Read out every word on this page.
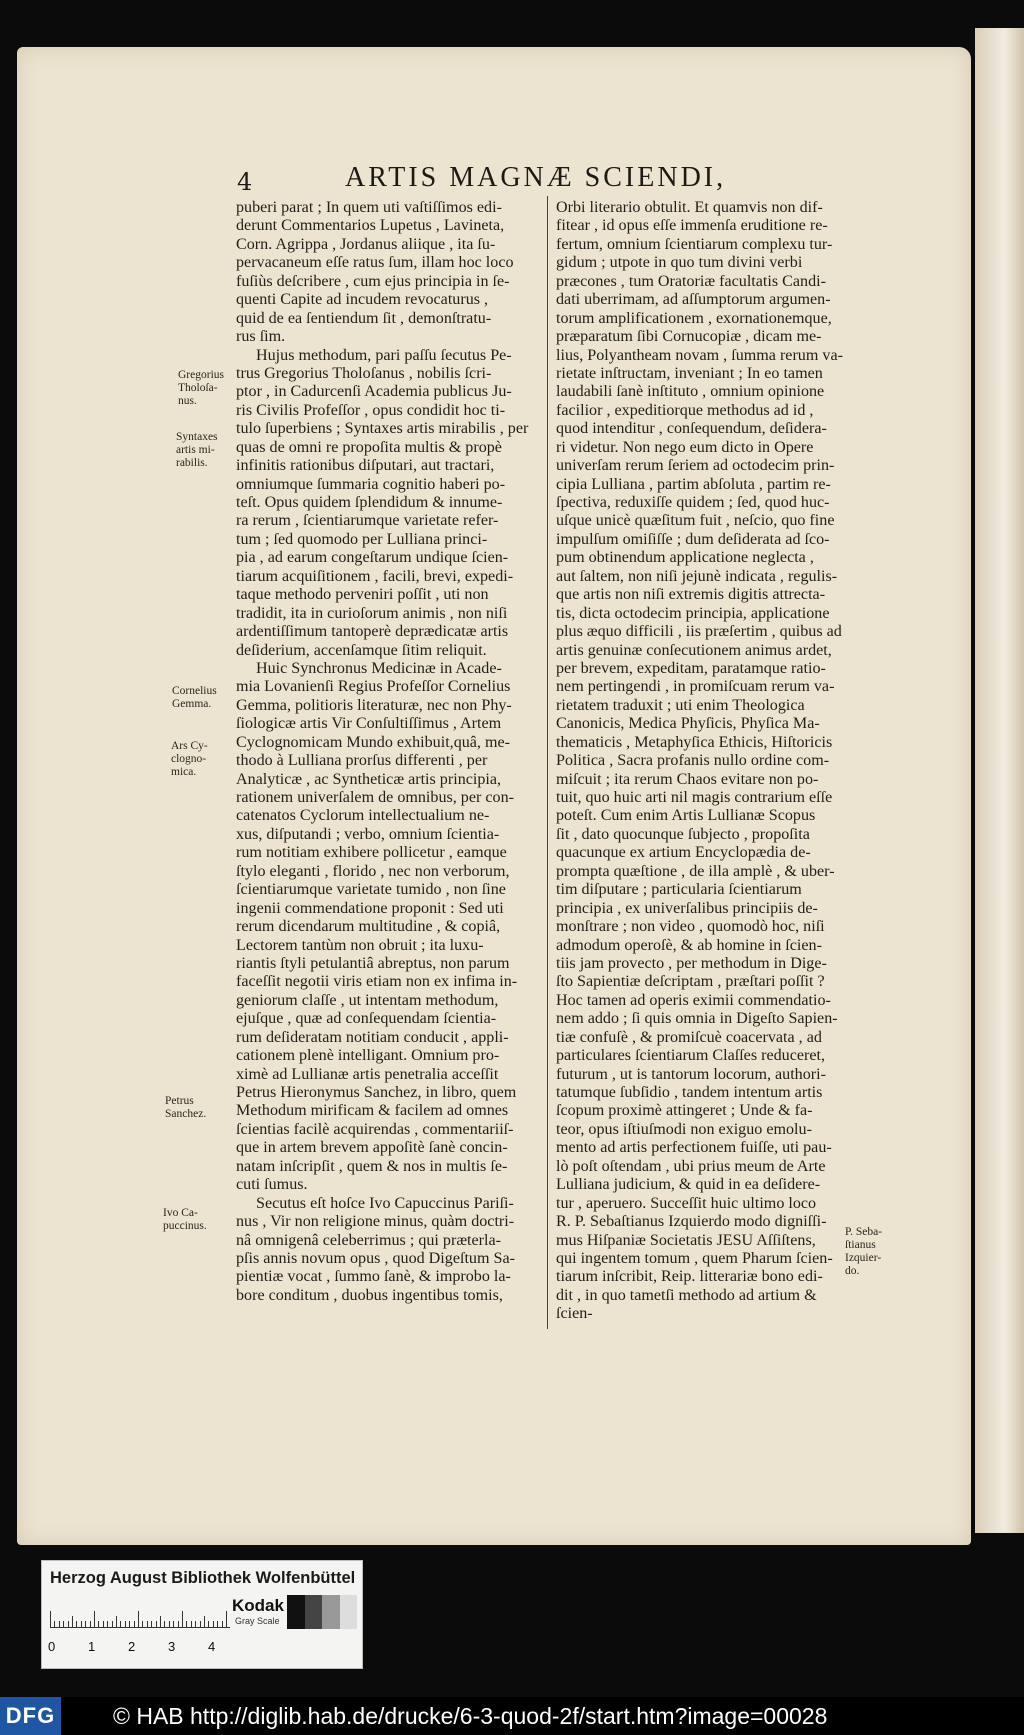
4	ARTIS MAGNÆ SCIENDI,
puberi parat ; In quem uti vaſtiſſimos edi-
derunt Commentarios Lupetus , Lavineta,
Corn. Agrippa , Jordanus aliique , ita ſu-
pervacaneum eſſe ratus ſum, illam hoc loco
fuſiùs deſcribere , cum ejus principia in ſe-
quenti Capite ad incudem revocaturus ,
quid de ea ſentiendum ſit , demonſtratu-
rus ſim.
Hujus methodum, pari paſſu ſecutus Pe-
trus Gregorius Tholoſanus , nobilis ſcri-
ptor , in Cadurcenſi Academia publicus Ju-
ris Civilis Profeſſor , opus condidit hoc ti-
tulo ſuperbiens ; Syntaxes artis mirabilis , per
quas de omni re propoſita multis & propè
infinitis rationibus diſputari, aut tractari,
omniumque ſummaria cognitio haberi po-
teſt. Opus quidem ſplendidum & innume-
ra rerum , ſcientiarumque varietate refer-
tum ; ſed quomodo per Lulliana princi-
pia , ad earum congeſtarum undique ſcien-
tiarum acquiſitionem , facili, brevi, expedi-
taque methodo perveniri poſſit , uti non
tradidit, ita in curioſorum animis , non niſi
ardentiſſimum tantoperè deprædicatæ artis
deſiderium, accenſamque ſitim reliquit.
Huic Synchronus Medicinæ in Acade-
mia Lovanienſi Regius Profeſſor Cornelius
Gemma, politioris literaturæ, nec non Phy-
ſiologicæ artis Vir Conſultiſſimus , Artem
Cyclognomicam Mundo exhibuit,quâ, me-
thodo à Lulliana prorſus differenti , per
Analyticæ , ac Syntheticæ artis principia,
rationem univerſalem de omnibus, per con-
catenatos Cyclorum intellectualium ne-
xus, diſputandi ; verbo, omnium ſcientia-
rum notitiam exhibere pollicetur , eamque
ſtylo eleganti , florido , nec non verborum,
ſcientiarumque varietate tumido , non ſine
ingenii commendatione proponit : Sed uti
rerum dicendarum multitudine , & copiâ,
Lectorem tantùm non obruit ; ita luxu-
riantis ſtyli petulantiâ abreptus, non parum
faceſſit negotii viris etiam non ex infima in-
geniorum claſſe , ut intentam methodum,
ejuſque , quæ ad conſequendam ſcientia-
rum deſideratam notitiam conducit , appli-
cationem plenè intelligant. Omnium pro-
ximè ad Lullianæ artis penetralia acceſſit
Petrus Hieronymus Sanchez, in libro, quem
Methodum mirificam & facilem ad omnes
ſcientias facilè acquirendas , commentariiſ-
que in artem brevem appoſitè ſanè concin-
natam inſcripſit , quem & nos in multis ſe-
cuti ſumus.
Secutus eſt hoſce Ivo Capuccinus Pariſi-
nus , Vir non religione minus, quàm doctri-
nâ omnigenâ celeberrimus ; qui præterla-
pſis annis novum opus , quod Digeſtum Sa-
pientiæ vocat , ſummo ſanè, & improbo la-
bore conditum , duobus ingentibus tomis,
Orbi literario obtulit. Et quamvis non dif-
fitear , id opus eſſe immenſa eruditione re-
fertum, omnium ſcientiarum complexu tur-
gidum ; utpote in quo tum divini verbi
præcones , tum Oratoriæ facultatis Candi-
dati uberrimam, ad aſſumptorum argumen-
torum amplificationem , exornationemque,
præparatum ſibi Cornucopiæ , dicam me-
lius, Polyantheam novam , ſumma rerum va-
rietate inſtructam, inveniant ; In eo tamen
laudabili ſanè inſtituto , omnium opinione
facilior , expeditiorque methodus ad id ,
quod intenditur , conſequendum, deſidera-
ri videtur. Non nego eum dicto in Opere
univerſam rerum ſeriem ad octodecim prin-
cipia Lulliana , partim abſoluta , partim re-
ſpectiva, reduxiſſe quidem ; ſed, quod huc-
uſque unicè quæſitum fuit , neſcio, quo fine
impulſum omiſiſſe ; dum deſiderata ad ſco-
pum obtinendum applicatione neglecta ,
aut ſaltem, non niſi jejunè indicata , regulis-
que artis non niſi extremis digitis attrecta-
tis, dicta octodecim principia, applicatione
plus æquo difficili , iis præſertim , quibus ad
artis genuinæ conſecutionem animus ardet,
per brevem, expeditam, paratamque ratio-
nem pertingendi , in promiſcuam rerum va-
rietatem traduxit ; uti enim Theologica
Canonicis, Medica Phyſicis, Phyſica Ma-
thematicis , Metaphyſica Ethicis, Hiſtoricis
Politica , Sacra profanis nullo ordine com-
miſcuit ; ita rerum Chaos evitare non po-
tuit, quo huic arti nil magis contrarium eſſe
poteſt. Cum enim Artis Lullianæ Scopus
ſit , dato quocunque ſubjecto , propoſita
quacunque ex artium Encyclopædia de-
prompta quæſtione , de illa amplè , & uber-
tim diſputare ; particularia ſcientiarum
principia , ex univerſalibus principiis de-
monſtrare ; non video , quomodò hoc, niſi
admodum operoſè, & ab homine in ſcien-
tiis jam provecto , per methodum in Dige-
ſto Sapientiæ deſcriptam , præſtari poſſit ?
Hoc tamen ad operis eximii commendatio-
nem addo ; ſi quis omnia in Digeſto Sapien-
tiæ confuſè , & promiſcuè coacervata , ad
particulares ſcientiarum Claſſes reduceret,
futurum , ut is tantorum locorum, authori-
tatumque ſubſidio , tandem intentum artis
ſcopum proximè attingeret ; Unde & fa-
teor, opus iſtiuſmodi non exiguo emolu-
mento ad artis perfectionem fuiſſe, uti pau-
lò poſt oſtendam , ubi prius meum de Arte
Lulliana judicium, & quid in ea deſidere-
tur , aperuero. Succeſſit huic ultimo loco
R. P. Sebaſtianus Izquierdo modo digniſſi-
mus Hiſpaniæ Societatis JESU Aſſiſtens,
qui ingentem tomum , quem Pharum ſcien-
tiarum inſcribit, Reip. litterariæ bono edi-
dit , in quo tametſi methodo ad artium &
ſcien-
Gregorius
Tholoſa-
nus.
Syntaxes
artis mi-
rabilis.
Cornelius
Gemma.
Ars Cy-
clogno-
mica.
Petrus
Sanchez.
Ivo Ca-
puccinus.	P. Seba-
ſtianus
Izquier-
do.
Herzog August Bibliothek Wolfenbüttel
0	1	2	3	4
Kodak
Gray Scale
DFG	© HAB http://diglib.hab.de/drucke/6-3-quod-2f/start.htm?image=00028
